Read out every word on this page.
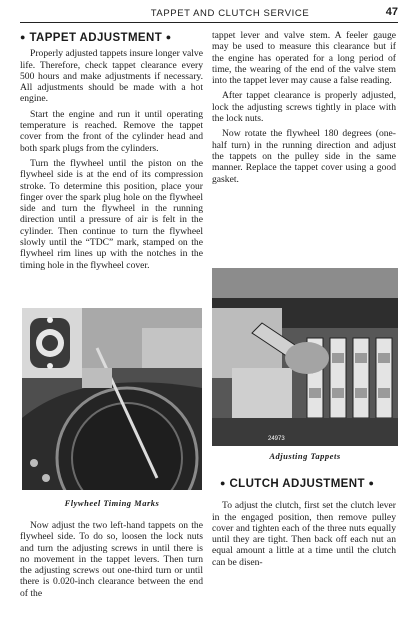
TAPPET AND CLUTCH SERVICE	47
● TAPPET ADJUSTMENT ●

Properly adjusted tappets insure longer valve life. Therefore, check tappet clearance every 500 hours and make adjustments if necessary. All adjustments should be made with a hot engine.

Start the engine and run it until operating temperature is reached. Remove the tappet cover from the front of the cylinder head and both spark plugs from the cylinders.

Turn the flywheel until the piston on the flywheel side is at the end of its compression stroke. To determine this position, place your finger over the spark plug hole on the flywheel side and turn the flywheel in the running direction until a pressure of air is felt in the cylinder. Then continue to turn the flywheel slowly until the “TDC” mark, stamped on the flywheel rim lines up with the notches in the timing hole in the flywheel cover.

Flywheel Timing Marks

Now adjust the two left-hand tappets on the flywheel side. To do so, loosen the lock nuts and turn the adjusting screws in until there is no movement in the tappet levers. Then turn the adjusting screws out one-third turn or until there is 0.020-inch clearance between the end of the

tappet lever and valve stem. A feeler gauge may be used to measure this clearance but if the engine has operated for a long period of time, the wearing of the end of the valve stem into the tappet lever may cause a false reading.

After tappet clearance is properly adjusted, lock the adjusting screws tightly in place with the lock nuts.

Now rotate the flywheel 180 degrees (one-half turn) in the running direction and adjust the tappets on the pulley side in the same manner. Replace the tappet cover using a good gasket.

24973
Adjusting Tappets
● CLUTCH ADJUSTMENT ●

To adjust the clutch, first set the clutch lever in the engaged position, then remove pulley cover and tighten each of the three nuts equally until they are tight. Then back off each nut an equal amount a little at a time until the clutch can be disen-
